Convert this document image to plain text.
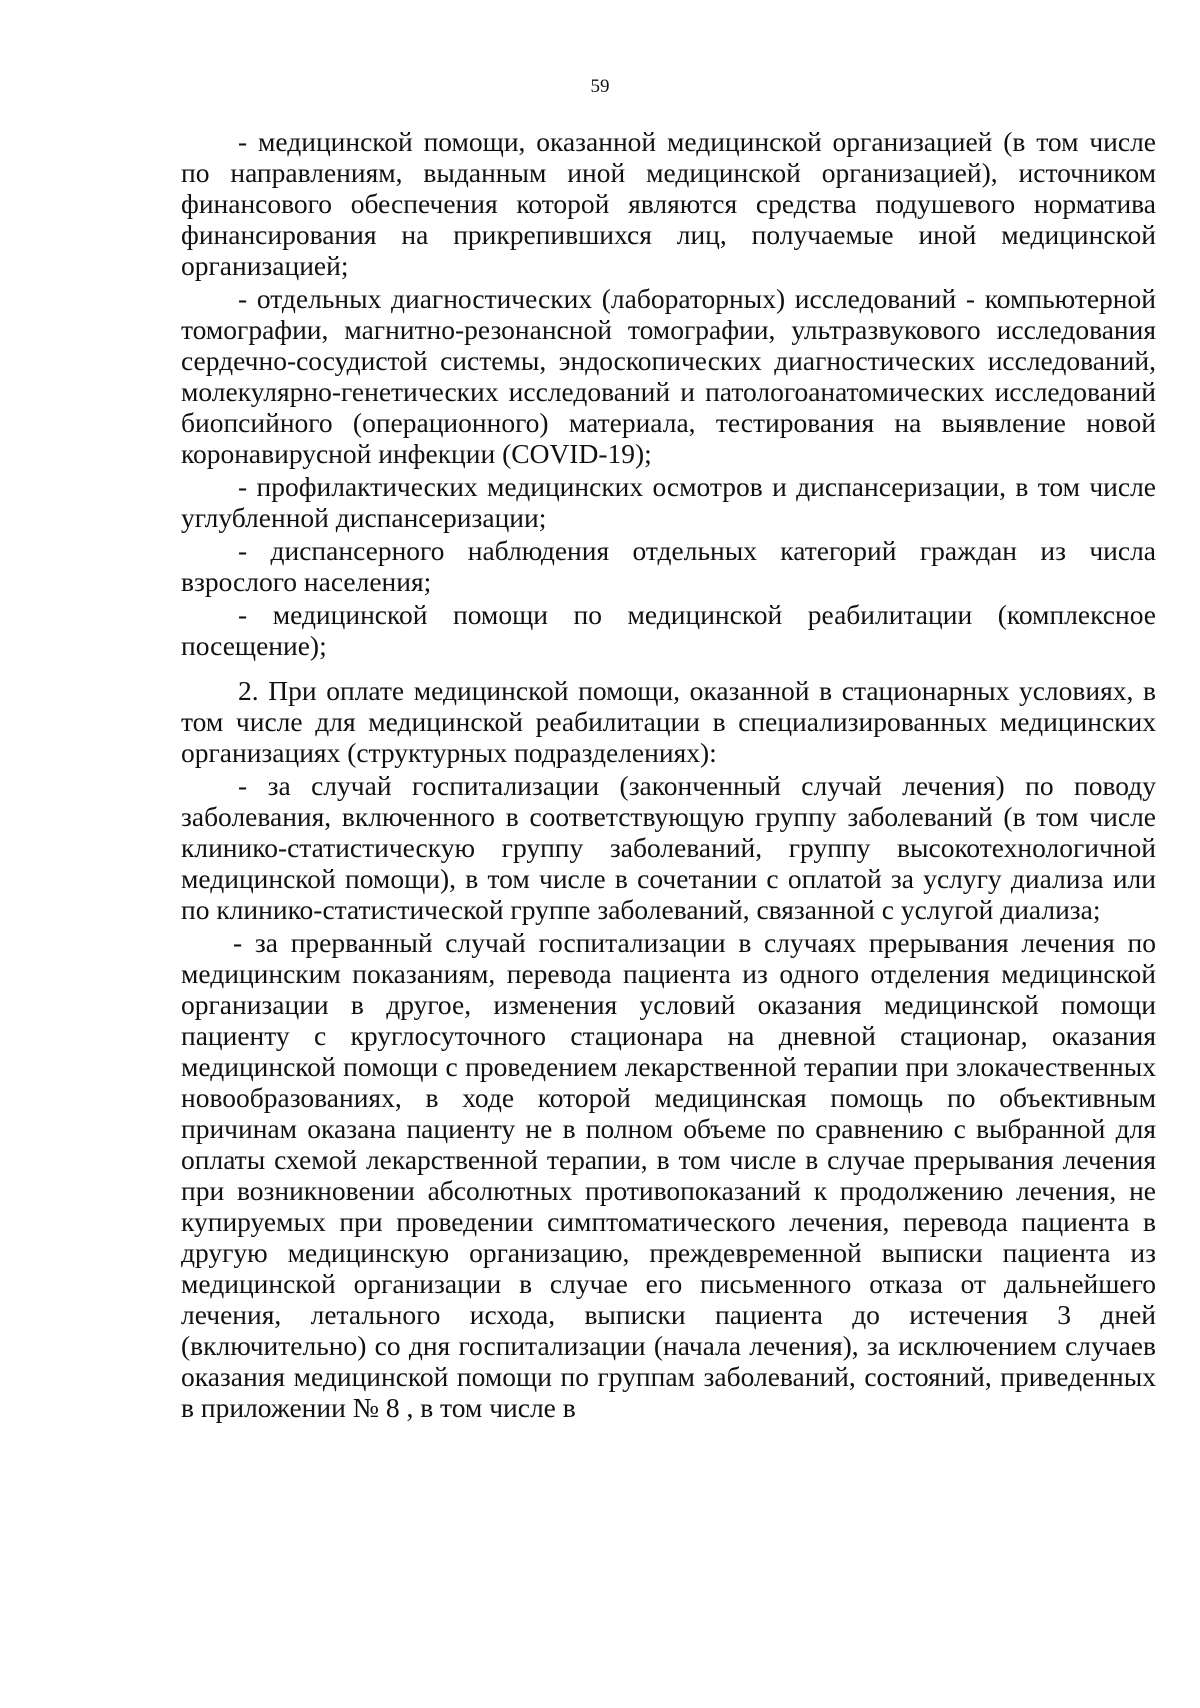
59

- медицинской помощи, оказанной медицинской организацией (в том числе по направлениям, выданным иной медицинской организацией), источником финансового обеспечения которой являются средства подушевого норматива финансирования на прикрепившихся лиц, получаемые иной медицинской организацией;

- отдельных диагностических (лабораторных) исследований - компьютерной томографии, магнитно-резонансной томографии, ультразвукового исследования сердечно-сосудистой системы, эндоскопических диагностических исследований, молекулярно-генетических исследований и патологоанатомических исследований биопсийного (операционного) материала, тестирования на выявление новой коронавирусной инфекции (COVID-19);

- профилактических медицинских осмотров и диспансеризации, в том числе углубленной диспансеризации;

- диспансерного наблюдения отдельных категорий граждан из числа взрослого населения;

- медицинской помощи по медицинской реабилитации (комплексное посещение);

2. При оплате медицинской помощи, оказанной в стационарных условиях, в том числе для медицинской реабилитации в специализированных медицинских организациях (структурных подразделениях):

- за случай госпитализации (законченный случай лечения) по поводу заболевания, включенного в соответствующую группу заболеваний (в том числе клинико-статистическую группу заболеваний, группу высокотехнологичной медицинской помощи), в том числе в сочетании с оплатой за услугу диализа или по клинико-статистической группе заболеваний, связанной с услугой диализа;

- за прерванный случай госпитализации в случаях прерывания лечения по медицинским показаниям, перевода пациента из одного отделения медицинской организации в другое, изменения условий оказания медицинской помощи пациенту с круглосуточного стационара на дневной стационар, оказания медицинской помощи с проведением лекарственной терапии при злокачественных новообразованиях, в ходе которой медицинская помощь по объективным причинам оказана пациенту не в полном объеме по сравнению с выбранной для оплаты схемой лекарственной терапии, в том числе в случае прерывания лечения при возникновении абсолютных противопоказаний к продолжению лечения, не купируемых при проведении симптоматического лечения, перевода пациента в другую медицинскую организацию, преждевременной выписки пациента из медицинской организации в случае его письменного отказа от дальнейшего лечения, летального исхода, выписки пациента до истечения 3 дней (включительно) со дня госпитализации (начала лечения), за исключением случаев оказания медицинской помощи по группам заболеваний, состояний, приведенных в приложении № 8 , в том числе в
